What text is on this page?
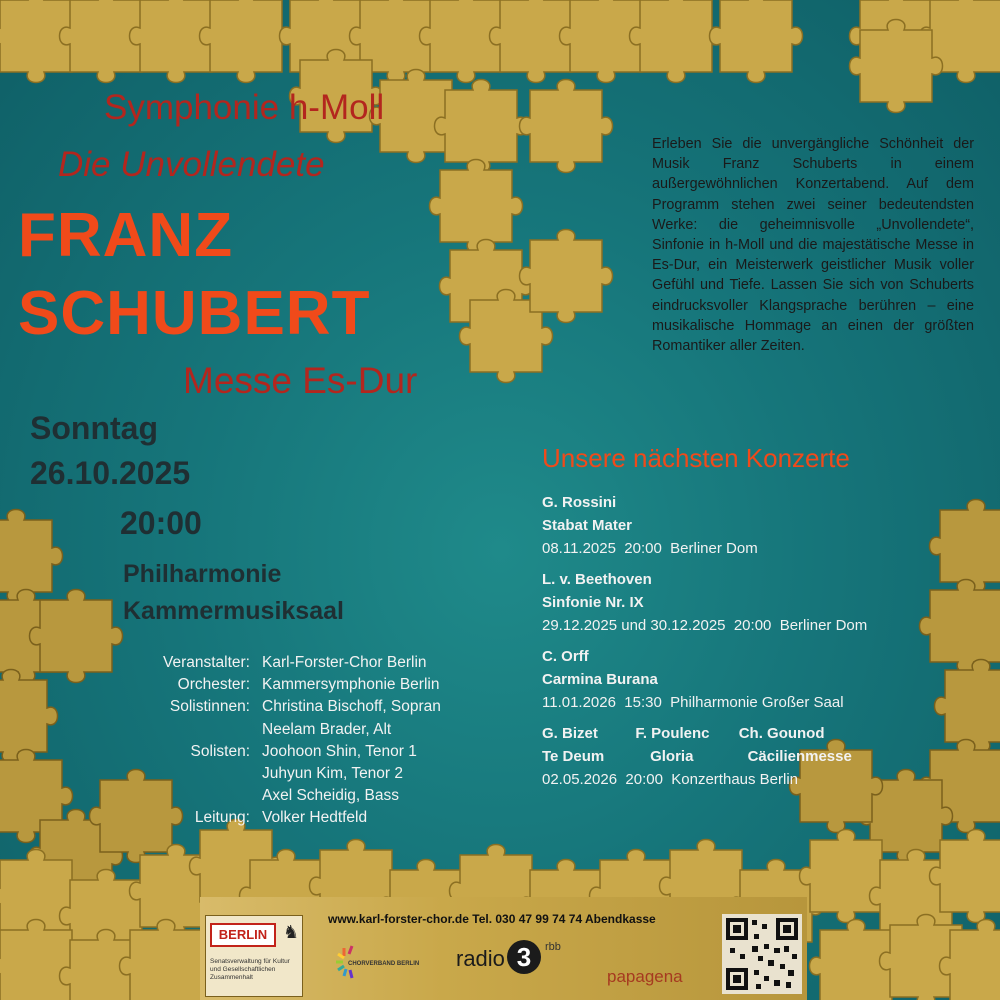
Symphonie h-Moll
Die Unvollendete
FRANZ
SCHUBERT
Messe Es-Dur
Sonntag
26.10.2025
20:00
Philharmonie
Kammermusiksaal
Veranstalter: Karl-Forster-Chor Berlin
Orchester: Kammersymphonie Berlin
Solistinnen: Christina Bischoff, Sopran
Neelam Brader, Alt
Solisten: Joohoon Shin, Tenor 1
Juhyun Kim, Tenor 2
Axel Scheidig, Bass
Leitung: Volker Hedtfeld
Erleben Sie die unvergängliche Schönheit der Musik Franz Schuberts in einem außergewöhnlichen Konzertabend. Auf dem Programm stehen zwei seiner bedeutendsten Werke: die geheimnisvolle „Unvollendete“, Sinfonie in h-Moll und die majestätische Messe in Es-Dur, ein Meisterwerk geistlicher Musik voller Gefühl und Tiefe. Lassen Sie sich von Schuberts eindrucksvoller Klangsprache berühren – eine musikalische Hommage an einen der größten Romantiker aller Zeiten.
Unsere nächsten Konzerte
G. Rossini
Stabat Mater
08.11.2025  20:00  Berliner Dom
L. v. Beethoven
Sinfonie Nr. IX
29.12.2025 und 30.12.2025  20:00  Berliner Dom
C. Orff
Carmina Burana
11.01.2026  15:30  Philharmonie Großer Saal
G. Bizet         F. Poulenc       Ch. Gounod
Te Deum           Gloria             Cäcilienmesse
02.05.2026  20:00  Konzerthaus Berlin
BERLIN ♞
Senatsverwaltung für Kultur und Gesellschaftlichen Zusammenhalt
www.karl-forster-chor.de Tel. 030 47 99 74 74 Abendkasse
CHORVERBAND BERLIN radio 3	rbb
papagena
